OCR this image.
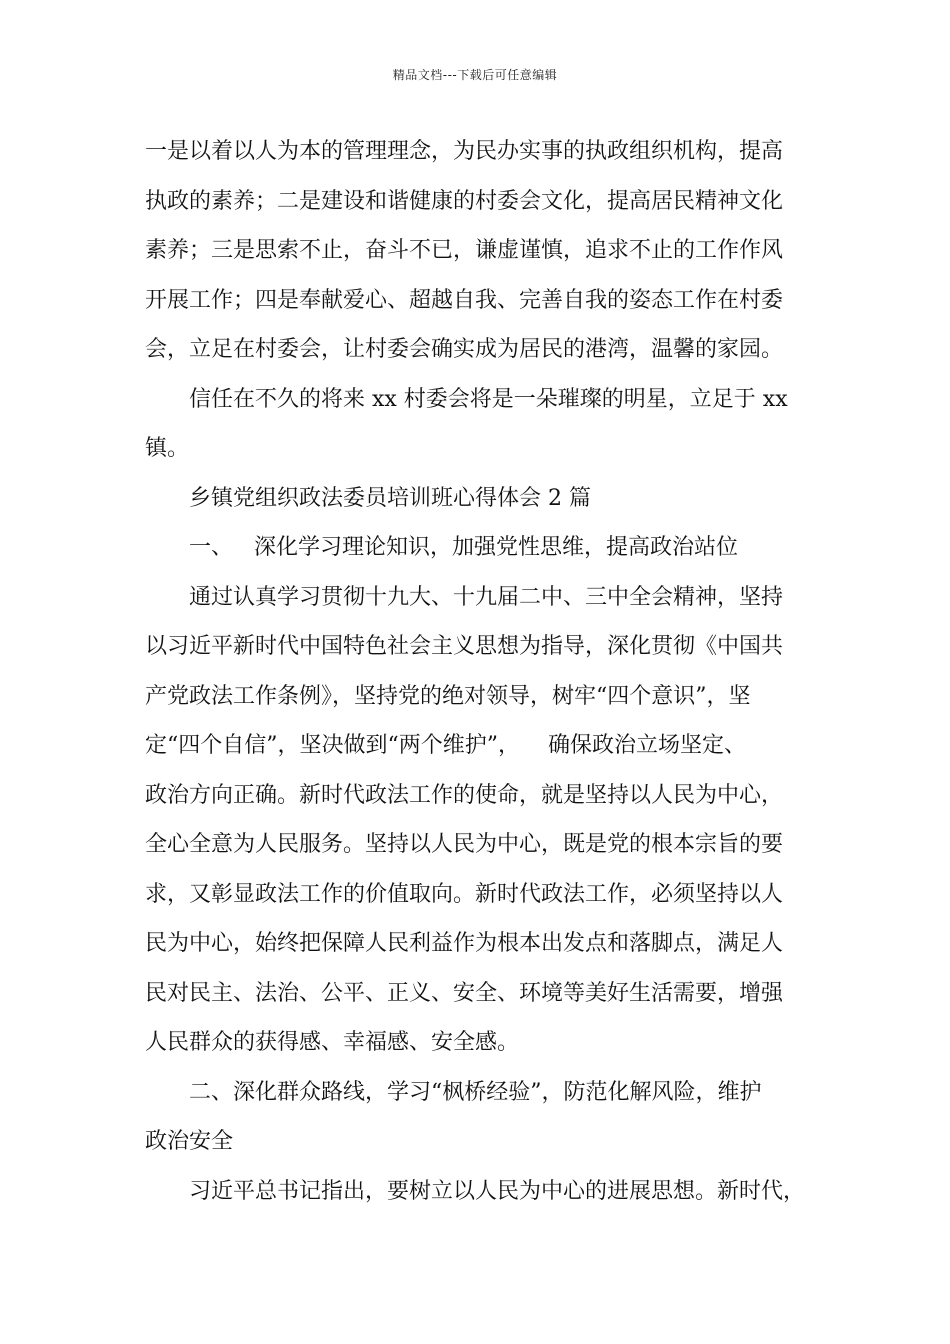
精品文档---下载后可任意编辑
一是以着以人为本的管理理念，为民办实事的执政组织机构，提高
执政的素养；二是建设和谐健康的村委会文化，提高居民精神文化
素养；三是思索不止，奋斗不已，谦虚谨慎，追求不止的工作作风
开展工作；四是奉献爱心、超越自我、完善自我的姿态工作在村委
会，立足在村委会，让村委会确实成为居民的港湾，温馨的家园。
信任在不久的将来 xx 村委会将是一朵璀璨的明星，立足于 xx
镇。
乡镇党组织政法委员培训班心得体会 2 篇
一、   深化学习理论知识，加强党性思维，提高政治站位
通过认真学习贯彻十九大、十九届二中、三中全会精神，坚持
以习近平新时代中国特色社会主义思想为指导，深化贯彻《中国共
产党政法工作条例》，坚持党的绝对领导，树牢“四个意识”，坚
定“四个自信”，坚决做到“两个维护”，    确保政治立场坚定、
政治方向正确。新时代政法工作的使命，就是坚持以人民为中心，
全心全意为人民服务。坚持以人民为中心，既是党的根本宗旨的要
求，又彰显政法工作的价值取向。新时代政法工作，必须坚持以人
民为中心，始终把保障人民利益作为根本出发点和落脚点，满足人
民对民主、法治、公平、正义、安全、环境等美好生活需要，增强
人民群众的获得感、幸福感、安全感。
二、深化群众路线，学习“枫桥经验”，防范化解风险，维护
政治安全
习近平总书记指出，要树立以人民为中心的进展思想。新时代，
